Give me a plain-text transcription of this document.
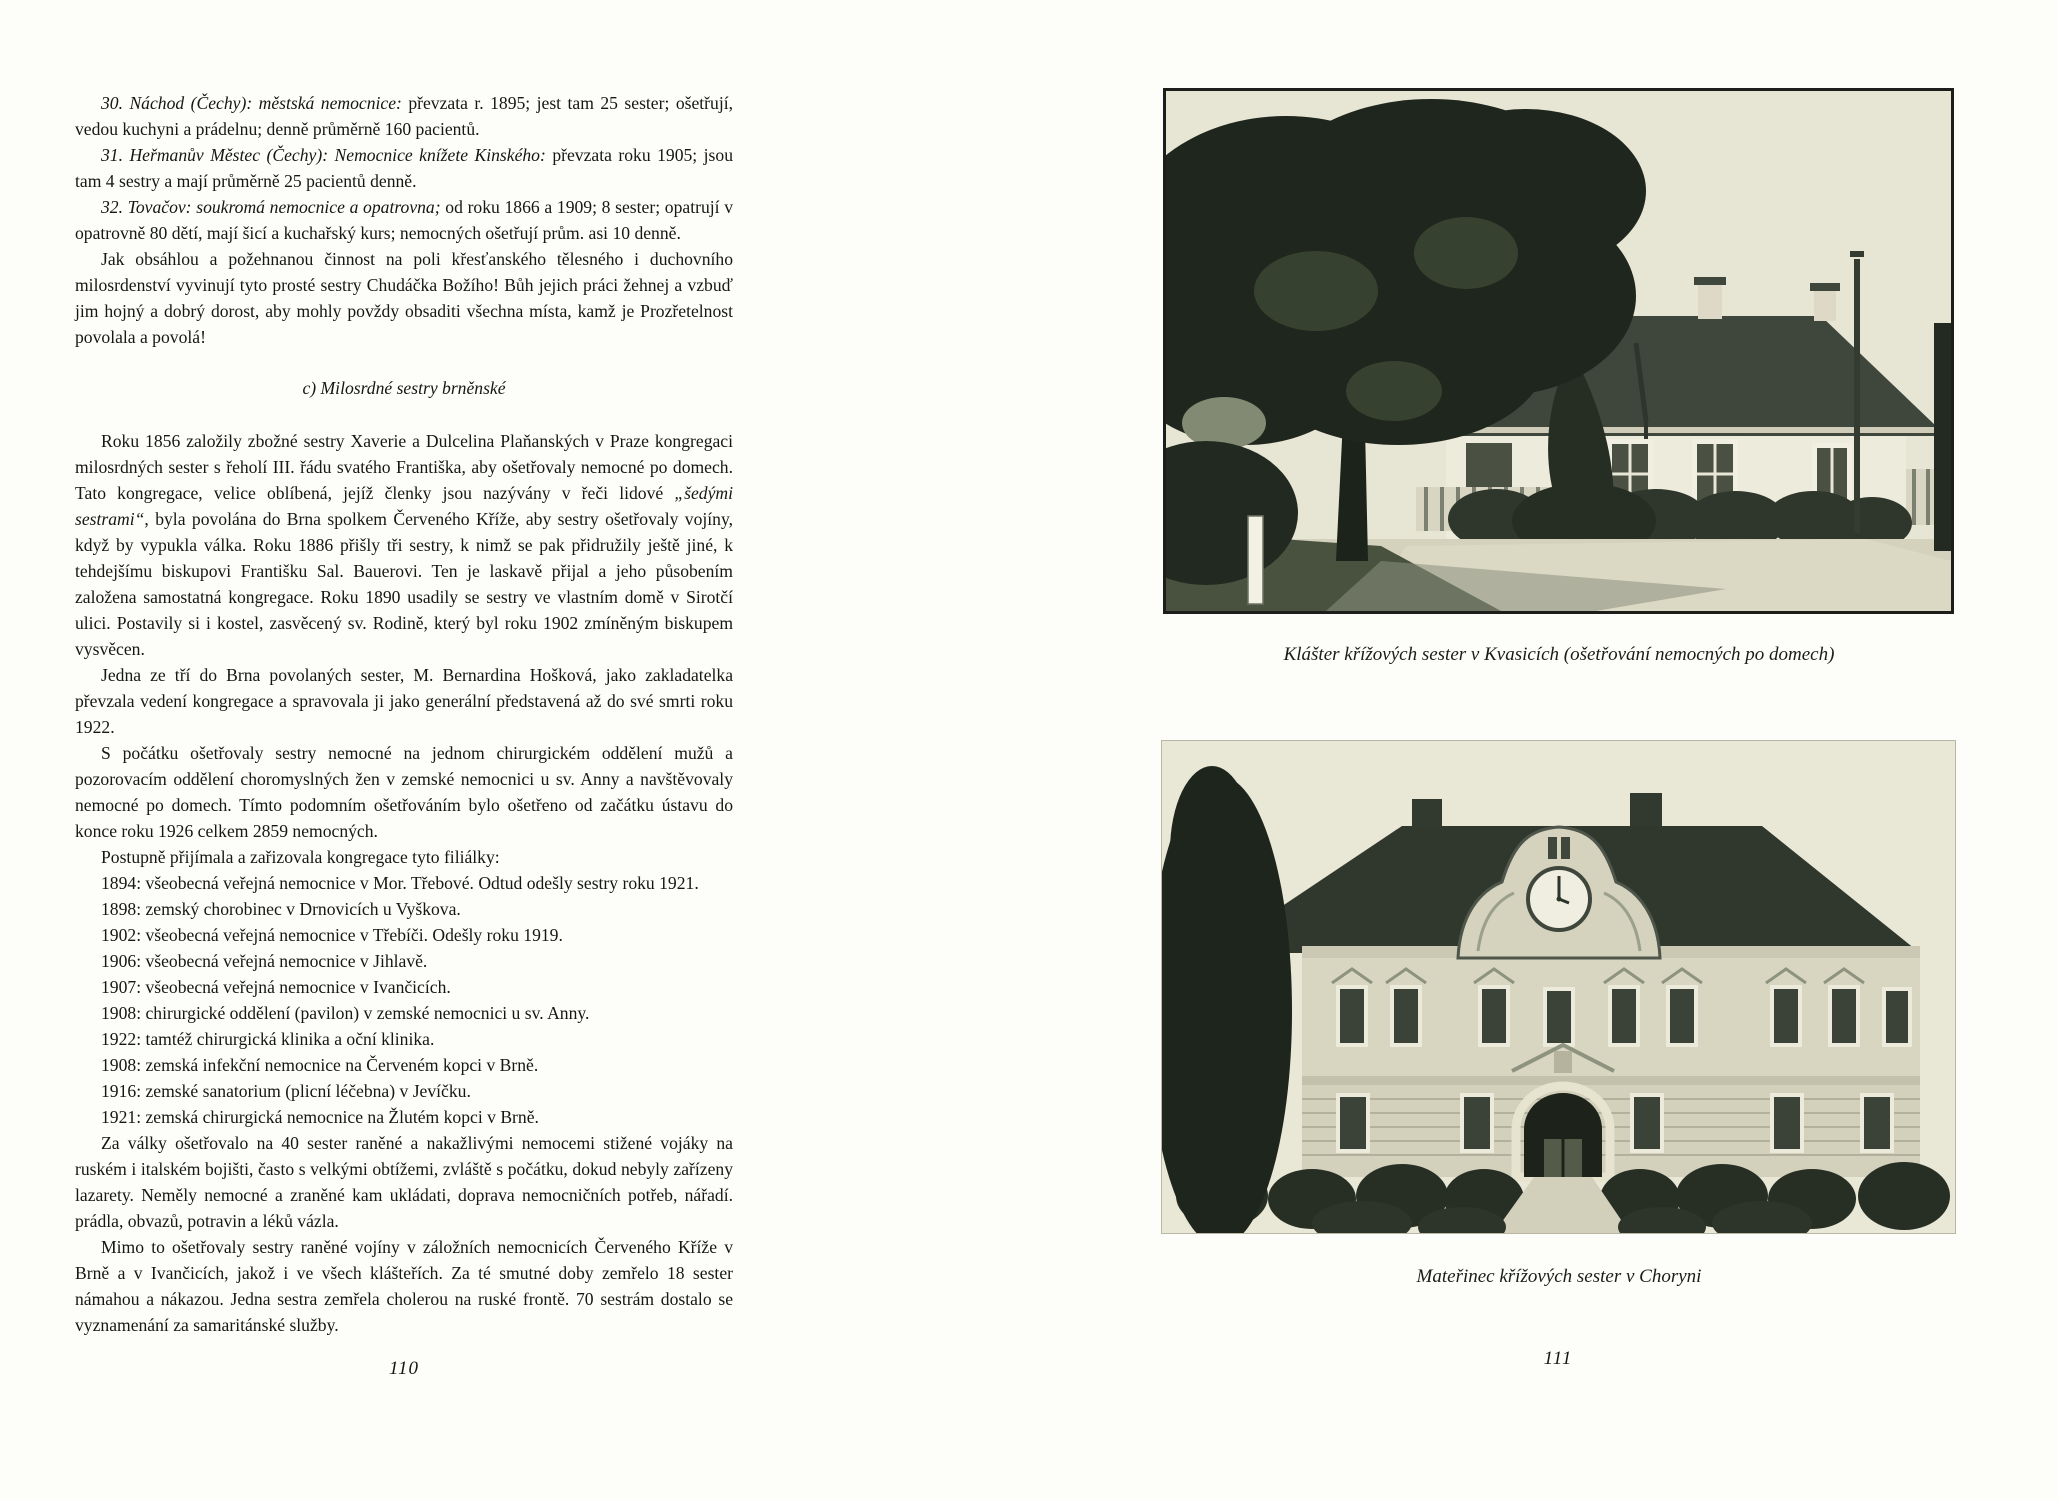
30. Náchod (Čechy): městská nemocnice: převzata r. 1895; jest tam 25 sester; ošetřují, vedou kuchyni a prádelnu; denně průměrně 160 pacientů.

31. Heřmanův Městec (Čechy): Nemocnice knížete Kinského: převzata roku 1905; jsou tam 4 sestry a mají průměrně 25 pacientů denně.

32. Tovačov: soukromá nemocnice a opatrovna; od roku 1866 a 1909; 8 sester; opatrují v opatrovně 80 dětí, mají šicí a kuchařský kurs; nemocných ošetřují prům. asi 10 denně.

Jak obsáhlou a požehnanou činnost na poli křesťanského tělesného i duchovního milosrdenství vyvinují tyto prosté sestry Chudáčka Božího! Bůh jejich práci žehnej a vzbuď jim hojný a dobrý dorost, aby mohly povždy obsaditi všechna místa, kamž je Prozřetelnost povolala a povolá!

c) Milosrdné sestry brněnské

Roku 1856 založily zbožné sestry Xaverie a Dulcelina Plaňanských v Praze kongregaci milosrdných sester s řeholí III. řádu svatého Františka, aby ošetřovaly nemocné po domech. Tato kongregace, velice oblíbená, jejíž členky jsou nazývány v řeči lidové „šedými sestrami“, byla povolána do Brna spolkem Červeného Kříže, aby sestry ošetřovaly vojíny, když by vypukla válka. Roku 1886 přišly tři sestry, k nimž se pak přidružily ještě jiné, k tehdejšímu biskupovi Františku Sal. Bauerovi. Ten je laskavě přijal a jeho působením založena samostatná kongregace. Roku 1890 usadily se sestry ve vlastním domě v Sirotčí ulici. Postavily si i kostel, zasvěcený sv. Rodině, který byl roku 1902 zmíněným biskupem vysvěcen.

Jedna ze tří do Brna povolaných sester, M. Bernardina Hošková, jako zakladatelka převzala vedení kongregace a spravovala ji jako generální představená až do své smrti roku 1922.

S počátku ošetřovaly sestry nemocné na jednom chirurgickém oddělení mužů a pozorovacím oddělení choromyslných žen v zemské nemocnici u sv. Anny a navštěvovaly nemocné po domech. Tímto podomním ošetřováním bylo ošetřeno od začátku ústavu do konce roku 1926 celkem 2859 nemocných.

Postupně přijímala a zařizovala kongregace tyto filiálky:

1894: všeobecná veřejná nemocnice v Mor. Třebové. Odtud odešly sestry roku 1921.

1898: zemský chorobinec v Drnovicích u Vyškova.

1902: všeobecná veřejná nemocnice v Třebíči. Odešly roku 1919.

1906: všeobecná veřejná nemocnice v Jihlavě.

1907: všeobecná veřejná nemocnice v Ivančicích.

1908: chirurgické oddělení (pavilon) v zemské nemocnici u sv. Anny.

1922: tamtéž chirurgická klinika a oční klinika.

1908: zemská infekční nemocnice na Červeném kopci v Brně.

1916: zemské sanatorium (plicní léčebna) v Jevíčku.

1921: zemská chirurgická nemocnice na Žlutém kopci v Brně.

Za války ošetřovalo na 40 sester raněné a nakažlivými nemocemi stižené vojáky na ruském i italském bojišti, často s velkými obtížemi, zvláště s počátku, dokud nebyly zařízeny lazarety. Neměly nemocné a zraněné kam ukládati, doprava nemocničních potřeb, nářadí. prádla, obvazů, potravin a léků vázla.

Mimo to ošetřovaly sestry raněné vojíny v záložních nemocnicích Červeného Kříže v Brně a v Ivančicích, jakož i ve všech klášteřích. Za té smutné doby zemřelo 18 sester námahou a nákazou. Jedna sestra zemřela cholerou na ruské frontě. 70 sestrám dostalo se vyznamenání za samaritánské služby.

110
Klášter křížových sester v Kvasicích (ošetřování nemocných po domech)
Mateřinec křížových sester v Choryni
111
